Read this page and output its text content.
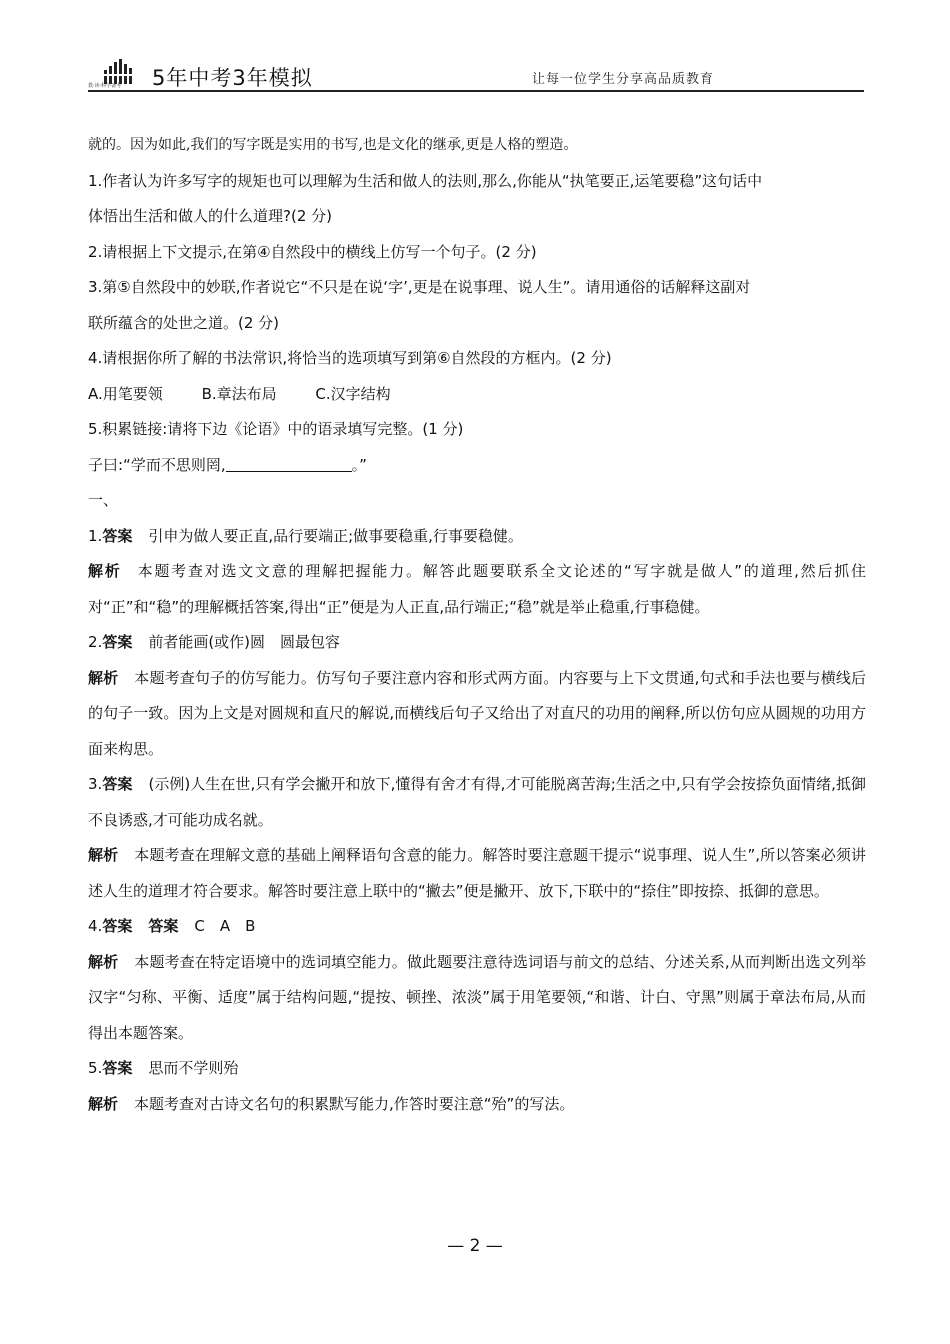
教·读·科学备考 5年中考3年模拟	让每一位学生分享高品质教育
就的。因为如此,我们的写字既是实用的书写,也是文化的继承,更是人格的塑造。
1.作者认为许多写字的规矩也可以理解为生活和做人的法则,那么,你能从“执笔要正,运笔要稳”这句话中
体悟出生活和做人的什么道理?(2 分)
2.请根据上下文提示,在第④自然段中的横线上仿写一个句子。(2 分)
3.第⑤自然段中的妙联,作者说它“不只是在说‘字’,更是在说事理、说人生”。请用通俗的话解释这副对
联所蕴含的处世之道。(2 分)
4.请根据你所了解的书法常识,将恰当的选项填写到第⑥自然段的方框内。(2 分)
A.用笔要领	B.章法布局	C.汉字结构
5.积累链接:请将下边《论语》中的语录填写完整。(1 分)
子曰:“学而不思则罔,	。”
一、
1.答案 引申为做人要正直,品行要端正;做事要稳重,行事要稳健。
解析 本题考查对选文文意的理解把握能力。解答此题要联系全文论述的“写字就是做人”的道理,然后抓住对“正”和“稳”的理解概括答案,得出“正”便是为人正直,品行端正;“稳”就是举止稳重,行事稳健。
2.答案 前者能画(或作)圆　圆最包容
解析 本题考查句子的仿写能力。仿写句子要注意内容和形式两方面。内容要与上下文贯通,句式和手法也要与横线后的句子一致。因为上文是对圆规和直尺的解说,而横线后句子又给出了对直尺的功用的阐释,所以仿句应从圆规的功用方面来构思。
3.答案 (示例)人生在世,只有学会撇开和放下,懂得有舍才有得,才可能脱离苦海;生活之中,只有学会按捺负面情绪,抵御不良诱惑,才可能功成名就。
解析 本题考查在理解文意的基础上阐释语句含意的能力。解答时要注意题干提示“说事理、说人生”,所以答案必须讲述人生的道理才符合要求。解答时要注意上联中的“撇去”便是撇开、放下,下联中的“捺住”即按捺、抵御的意思。
4.答案 答案 C　A　B
解析 本题考查在特定语境中的选词填空能力。做此题要注意待选词语与前文的总结、分述关系,从而判断出选文列举汉字“匀称、平衡、适度”属于结构问题,“提按、顿挫、浓淡”属于用笔要领,“和谐、计白、守黑”则属于章法布局,从而得出本题答案。
5.答案 思而不学则殆
解析 本题考查对古诗文名句的积累默写能力,作答时要注意“殆”的写法。
— 2 —
